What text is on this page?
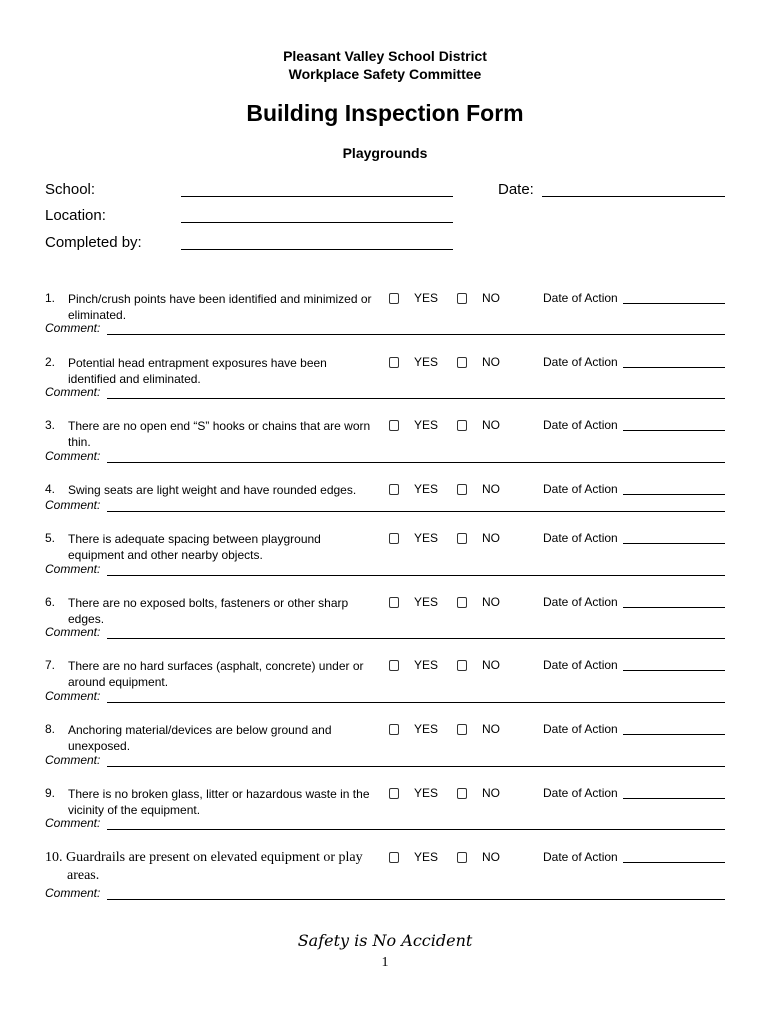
Pleasant Valley School District
Workplace Safety Committee
Building Inspection Form
Playgrounds
School:	Date:
Location:
Completed by:
1. Pinch/crush points have been identified and minimized or eliminated.
YES	NO	Date of Action
Comment:
2. Potential head entrapment exposures have been identified and eliminated.
YES	NO	Date of Action
Comment:
3. There are no open end “S” hooks or chains that are worn thin.
YES	NO	Date of Action
Comment:
4. Swing seats are light weight and have rounded edges.	YES	NO	Date of Action
Comment:
5. There is adequate spacing between playground equipment and other nearby objects.
YES	NO	Date of Action
Comment:
6. There are no exposed bolts, fasteners or other sharp edges.
YES	NO	Date of Action
Comment:
7. There are no hard surfaces (asphalt, concrete) under or around equipment.
YES	NO	Date of Action
Comment:
8. Anchoring material/devices are below ground and unexposed.
YES	NO	Date of Action
Comment:
9. There is no broken glass, litter or hazardous waste in the vicinity of the equipment.
YES	NO	Date of Action
Comment:
10. Guardrails are present on elevated equipment or play areas.
YES	NO	Date of Action
Comment:
Safety is No Accident
1
